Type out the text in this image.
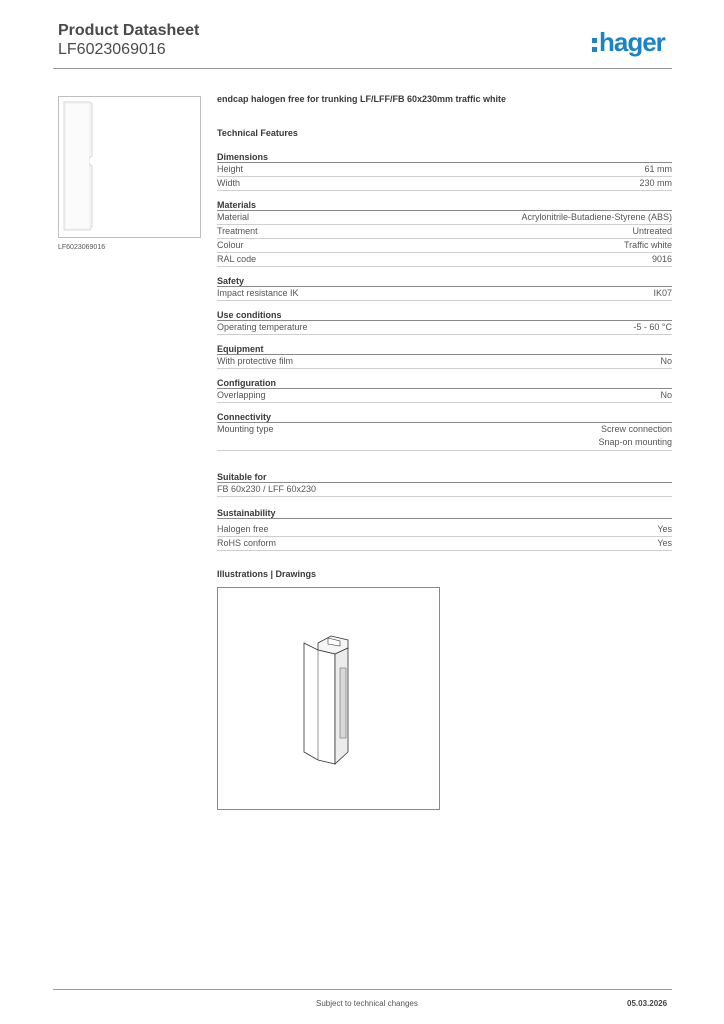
Product Datasheet
LF6023069016	hager
LF6023069016
endcap halogen free for trunking LF/LFF/FB 60x230mm traffic white
Technical Features
Dimensions
Height	61 mm
Width	230 mm
Materials
Material	Acrylonitrile-Butadiene-Styrene (ABS)
Treatment	Untreated
Colour	Traffic white
RAL code	9016
Safety
Impact resistance IK	IK07
Use conditions
Operating temperature	-5 - 60 °C
Equipment
With protective film	No
Configuration
Overlapping	No
Connectivity
Mounting type	Screw connection
Snap-on mounting
Suitable for
FB 60x230 / LFF 60x230
Sustainability
Halogen free	Yes
RoHS conform	Yes
Illustrations | Drawings
Subject to technical changes	05.03.2026
